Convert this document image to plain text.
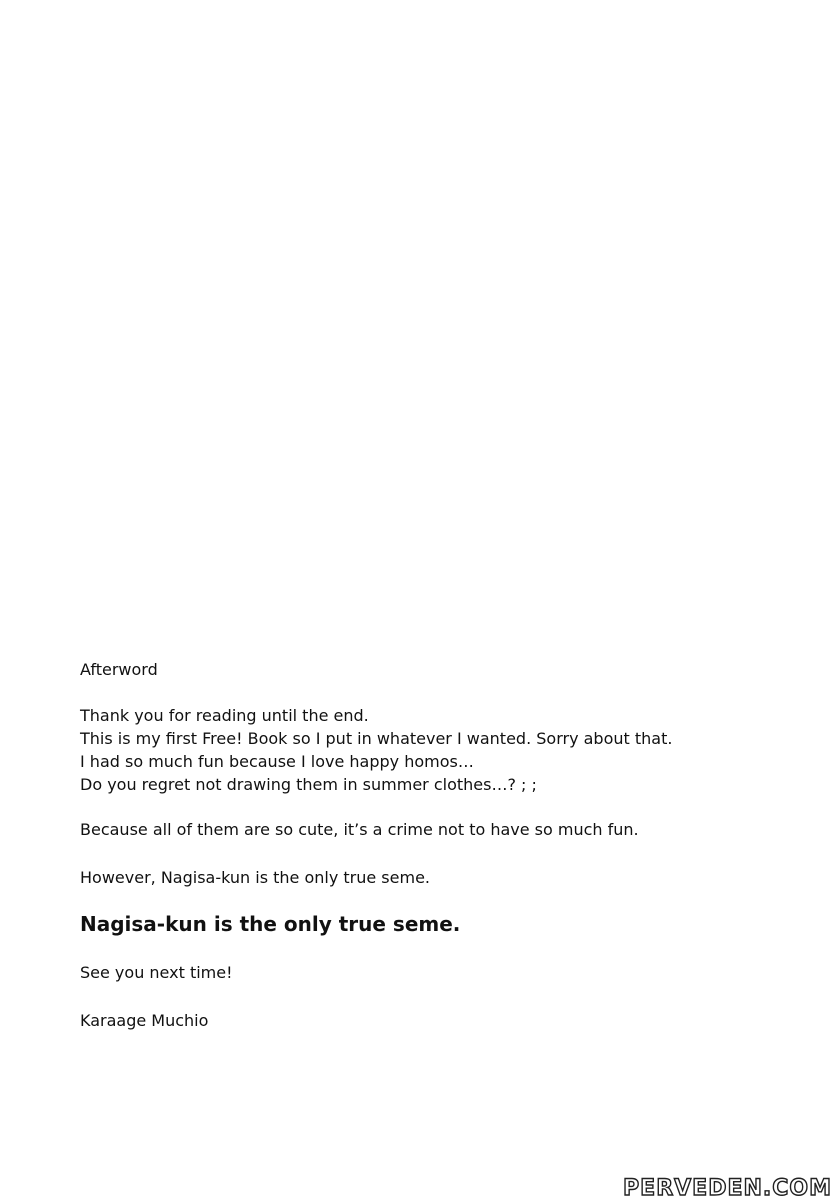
Afterword

Thank you for reading until the end.

This is my first Free! Book so I put in whatever I wanted. Sorry about that.

I had so much fun because I love happy homos…

Do you regret not drawing them in summer clothes…? ; ;

Because all of them are so cute, it’s a crime not to have so much fun.

However, Nagisa-kun is the only true seme.

Nagisa-kun is the only true seme.

See you next time!

Karaage Muchio

PERVEDEN.COM
